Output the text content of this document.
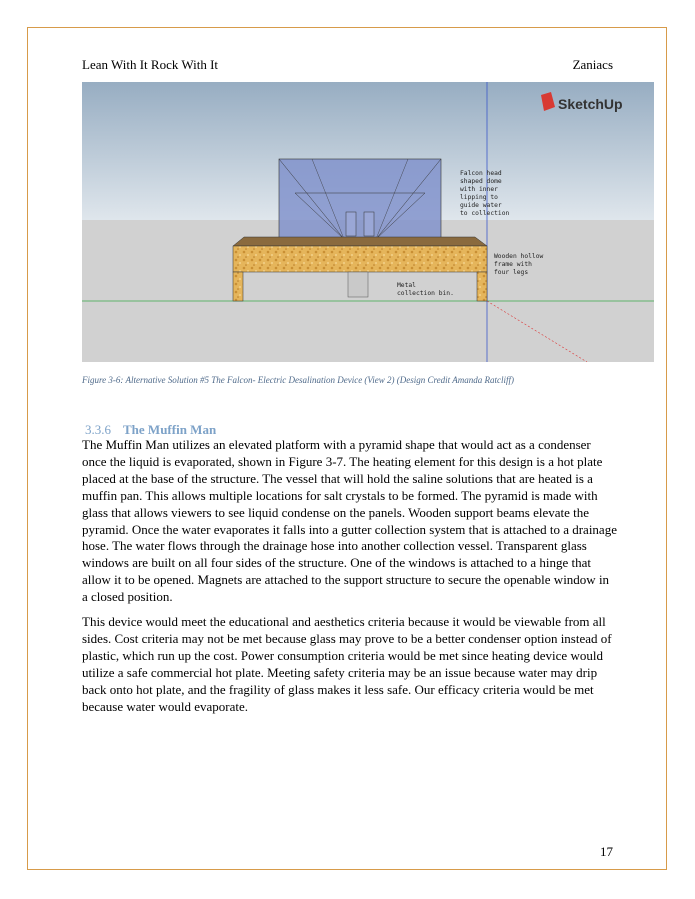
Lean With It Rock With It	Zaniacs
SketchUp
Falcon head
shaped dome
with inner
lipping to
guide water
to collection
Wooden hollow
frame with
four legs
Metal
collection bin.
Figure 3-6: Alternative Solution #5 The Falcon- Electric Desalination Device (View 2) (Design Credit Amanda Ratcliff)
3.3.6 The Muffin Man

The Muffin Man utilizes an elevated platform with a pyramid shape that would act as a condenser once the liquid is evaporated, shown in Figure 3-7. The heating element for this design is a hot plate placed at the base of the structure. The vessel that will hold the saline solutions that are heated is a muffin pan. This allows multiple locations for salt crystals to be formed. The pyramid is made with glass that allows viewers to see liquid condense on the panels. Wooden support beams elevate the pyramid. Once the water evaporates it falls into a gutter collection system that is attached to a drainage hose. The water flows through the drainage hose into another collection vessel. Transparent glass windows are built on all four sides of the structure. One of the windows is attached to a hinge that allow it to be opened. Magnets are attached to the support structure to secure the openable window in a closed position.

This device would meet the educational and aesthetics criteria because it would be viewable from all sides. Cost criteria may not be met because glass may prove to be a better condenser option instead of plastic, which run up the cost. Power consumption criteria would be met since heating device would utilize a safe commercial hot plate. Meeting safety criteria may be an issue because water may drip back onto hot plate, and the fragility of glass makes it less safe. Our efficacy criteria would be met because water would evaporate.

17
